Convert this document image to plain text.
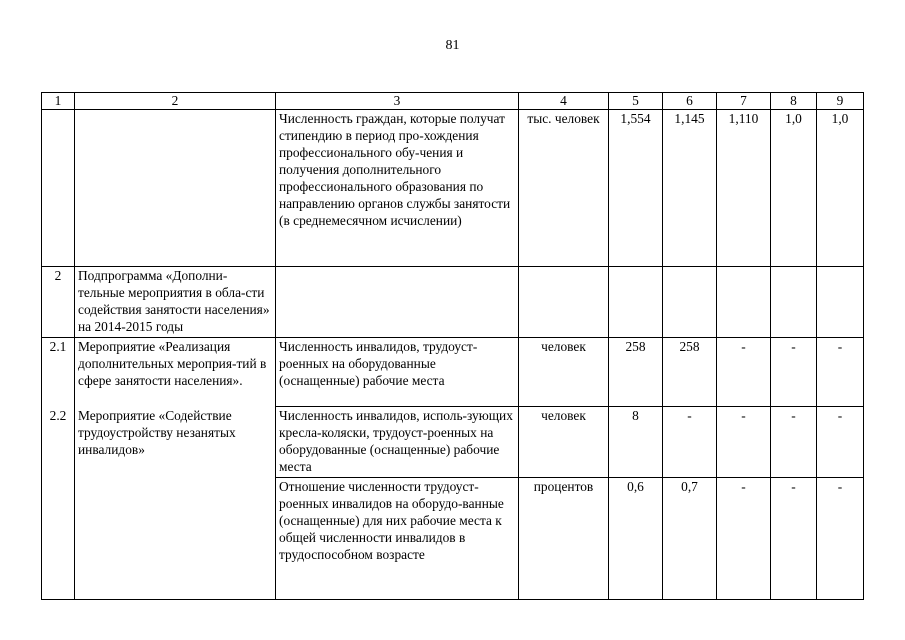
81
1	2	3	4	5	6	7	8	9
		Численность граждан, которые получат стипендию в период про-хождения профессионального обу-чения и получения дополнительного профессионального образования по направлению органов службы занятости (в среднемесячном исчислении)	тыс. человек	1,554	1,145	1,110	1,0	1,0
2	Подпрограмма «Дополни-тельные мероприятия в обла-сти содействия занятости населения» на 2014-2015 годы							
2.1	Мероприятие «Реализация дополнительных мероприя-тий в сфере занятости населения».	Численность инвалидов, трудоуст-роенных на оборудованные (оснащенные) рабочие места	человек	258	258	-	-	-
2.2	Мероприятие «Содействие трудоустройству незанятых инвалидов»	Численность инвалидов, исполь-зующих кресла-коляски, трудоуст-роенных на оборудованные (оснащенные) рабочие места	человек	8	-	-	-	-
		Отношение численности трудоуст-роенных инвалидов на оборудо-ванные (оснащенные) для них рабочие места к общей численности инвалидов в трудоспособном возрасте	процентов	0,6	0,7	-	-	-
